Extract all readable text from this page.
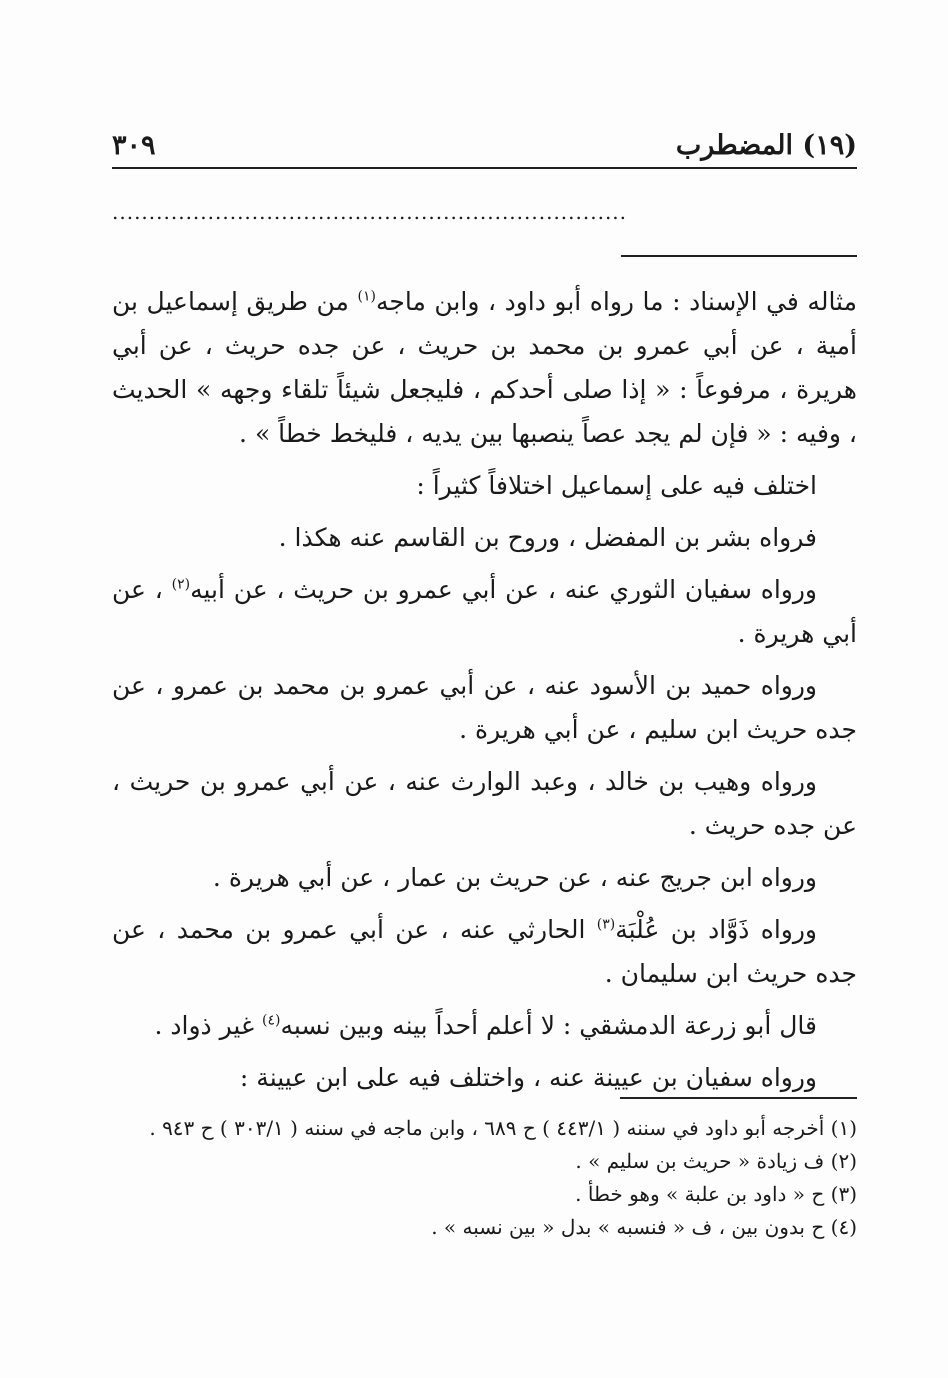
(١٩) المضطرب
٣٠٩
......................................................................

مثاله في الإسناد : ما رواه أبو داود ، وابن ماجه$^{(١)}$ من طريق إسماعيل بن أمية ، عن أبي عمرو بن محمد بن حريث ، عن جده حريث ، عن أبي هريرة ، مرفوعاً : « إذا صلى أحدكم ، فليجعل شيئاً تلقاء وجهه » الحديث ، وفيه : « فإن لم يجد عصاً ينصبها بين يديه ، فليخط خطاً » .

اختلف فيه على إسماعيل اختلافاً كثيراً :

فرواه بشر بن المفضل ، وروح بن القاسم عنه هكذا .

ورواه سفيان الثوري عنه ، عن أبي عمرو بن حريث ، عن أبيه$^{(٢)}$ ، عن أبي هريرة .

ورواه حميد بن الأسود عنه ، عن أبي عمرو بن محمد بن عمرو ، عن جده حريث ابن سليم ، عن أبي هريرة .

ورواه وهيب بن خالد ، وعبد الوارث عنه ، عن أبي عمرو بن حريث ، عن جده حريث .

ورواه ابن جريج عنه ، عن حريث بن عمار ، عن أبي هريرة .

ورواه ذَوَّاد بن عُلْبَة$^{(٣)}$ الحارثي عنه ، عن أبي عمرو بن محمد ، عن جده حريث ابن سليمان .

قال أبو زرعة الدمشقي : لا أعلم أحداً بينه وبين نسبه$^{(٤)}$ غير ذواد .

ورواه سفيان بن عيينة عنه ، واختلف فيه على ابن عيينة :

(١) أخرجه أبو داود في سننه ( ٤٤٣/١ ) ح ٦٨٩ ، وابن ماجه في سننه ( ٣٠٣/١ ) ح ٩٤٣ .

(٢) ف زيادة « حريث بن سليم » .

(٣) ح « داود بن علبة » وهو خطأ .

(٤) ح بدون بين ، ف « فنسبه » بدل « بين نسبه » .
